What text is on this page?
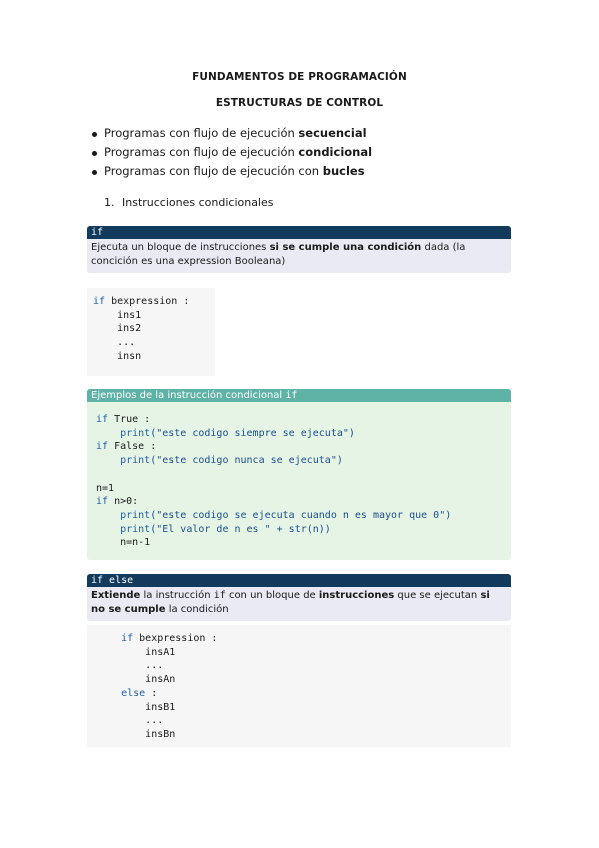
FUNDAMENTOS DE PROGRAMACIÓN
ESTRUCTURAS DE CONTROL
Programas con flujo de ejecución secuencial
Programas con flujo de ejecución condicional
Programas con flujo de ejecución con bucles
1. Instrucciones condicionales
if
Ejecuta un bloque de instrucciones si se cumple una condición dada (la concición es una expression Booleana)
if bexpression :
ins1
ins2
...
insn
Ejemplos de la instrucción condicional if
if True :
print("este codigo siempre se ejecuta")
if False :
print("este codigo nunca se ejecuta")

n=1
if n>0:
print("este codigo se ejecuta cuando n es mayor que 0")
print("El valor de n es " + str(n))
n=n-1
if else
Extiende la instrucción if con un bloque de instrucciones que se ejecutan si no se cumple la condición
if bexpression :
insA1
...
insAn
else :
insB1
...
insBn
